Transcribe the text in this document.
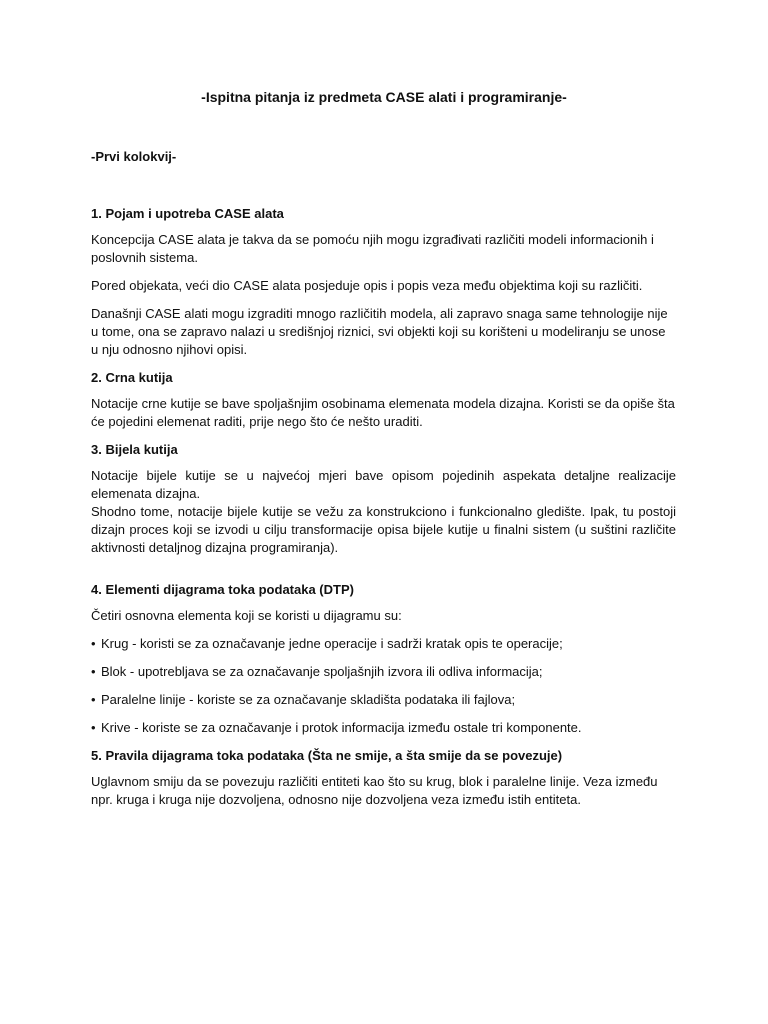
-Ispitna pitanja iz predmeta CASE alati i programiranje-
-Prvi kolokvij-
1. Pojam i upotreba CASE alata
Koncepcija CASE alata je takva da se pomoću njih mogu izgrađivati različiti modeli informacionih i poslovnih sistema.
Pored objekata, veći dio CASE alata posjeduje opis i popis veza među objektima koji su različiti.
Današnji CASE alati mogu izgraditi mnogo različitih modela, ali zapravo snaga same tehnologije nije u tome, ona se zapravo nalazi u središnjoj riznici, svi objekti koji su korišteni u modeliranju se unose u nju odnosno njihovi opisi.
2. Crna kutija
Notacije crne kutije se bave spoljašnjim osobinama elemenata modela dizajna. Koristi se da opiše šta će pojedini elemenat raditi, prije nego što će nešto uraditi.
3. Bijela kutija
Notacije bijele kutije se u najvećoj mjeri bave opisom pojedinih aspekata detaljne realizacije elemenata dizajna.
Shodno tome, notacije bijele kutije se vežu za konstrukciono i funkcionalno gledište. Ipak, tu postoji dizajn proces koji se izvodi u cilju transformacije opisa bijele kutije u finalni sistem (u suštini različite aktivnosti detaljnog dizajna programiranja).
4. Elementi dijagrama toka podataka (DTP)
Četiri osnovna elementa koji se koristi u dijagramu su:
• Krug - koristi se za označavanje jedne operacije i sadrži kratak opis te operacije;
• Blok - upotrebljava se za označavanje spoljašnjih izvora ili odliva informacija;
• Paralelne linije - koriste se za označavanje skladišta podataka ili fajlova;
• Krive - koriste se za označavanje i protok informacija između ostale tri komponente.
5. Pravila dijagrama toka podataka (Šta ne smije, a šta smije da se povezuje)
Uglavnom smiju da se povezuju različiti entiteti kao što su krug, blok i paralelne linije. Veza između npr. kruga i kruga nije dozvoljena, odnosno nije dozvoljena veza između istih entiteta.
